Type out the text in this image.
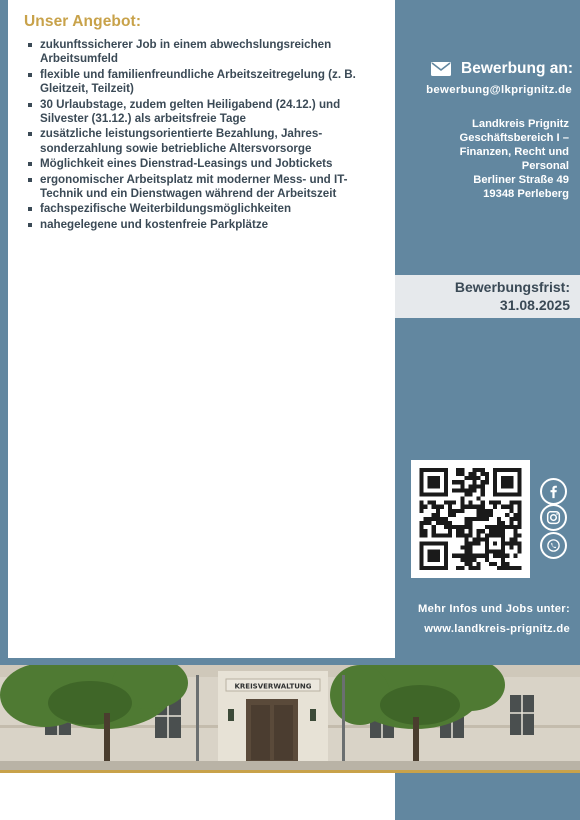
Unser Angebot:
zukunftssicherer Job in einem abwechslungsreichen Arbeitsumfeld
flexible und familienfreundliche Arbeitszeitregelung (z. B. Gleitzeit, Teilzeit)
30 Urlaubstage, zudem gelten Heiligabend (24.12.) und Silvester (31.12.) als arbeitsfreie Tage
zusätzliche leistungsorientierte Bezahlung, Jahres-sonderzahlung sowie betriebliche Altersvorsorge
Möglichkeit eines Dienstrad-Leasings und Jobtickets
ergonomischer Arbeitsplatz mit moderner Mess- und IT-Technik und ein Dienstwagen während der Arbeitszeit
fachspezifische Weiterbildungsmöglichkeiten
nahegelegene und kostenfreie Parkplätze
Bewerbung an:
bewerbung@lkprignitz.de
Landkreis Prignitz
Geschäftsbereich I –
Finanzen, Recht und
Personal
Berliner Straße 49
19348 Perleberg
Bewerbungsfrist:
31.08.2025
Mehr Infos und Jobs unter:
www.landkreis-prignitz.de
KREISVERWALTUNG
